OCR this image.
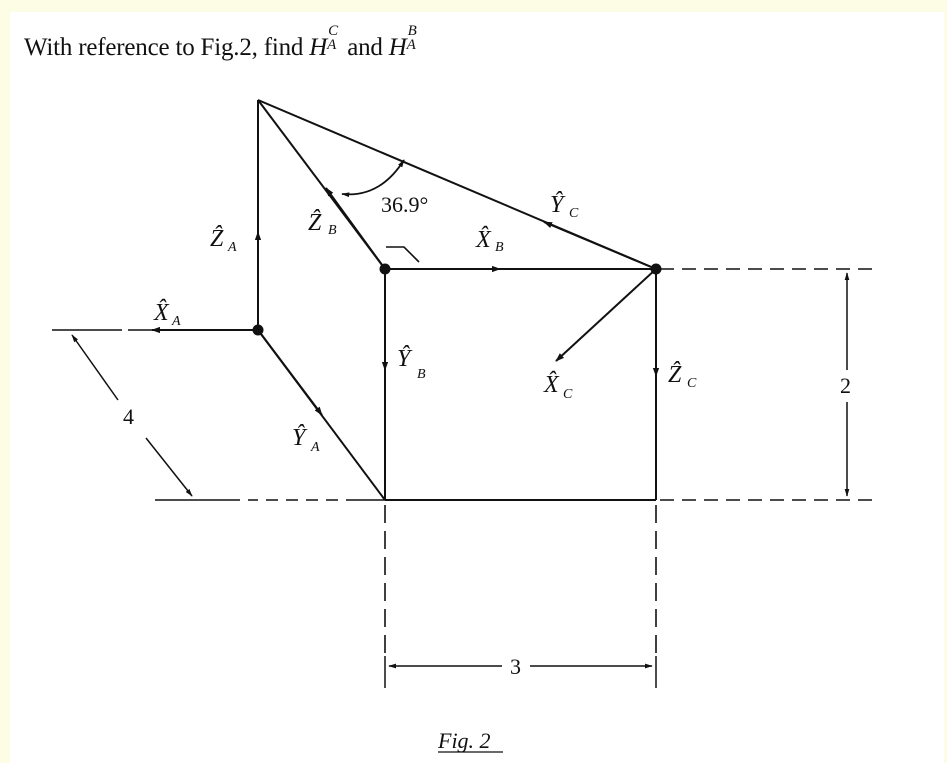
With reference to Fig.2, find H
C
A and H
B
A
4
2
3
36.9°
X̂ A
Ẑ A
Ŷ A
Ẑ B	X̂ B
Ŷ
B
Ŷ C
X̂ C
Ẑ C
Fig. 2
